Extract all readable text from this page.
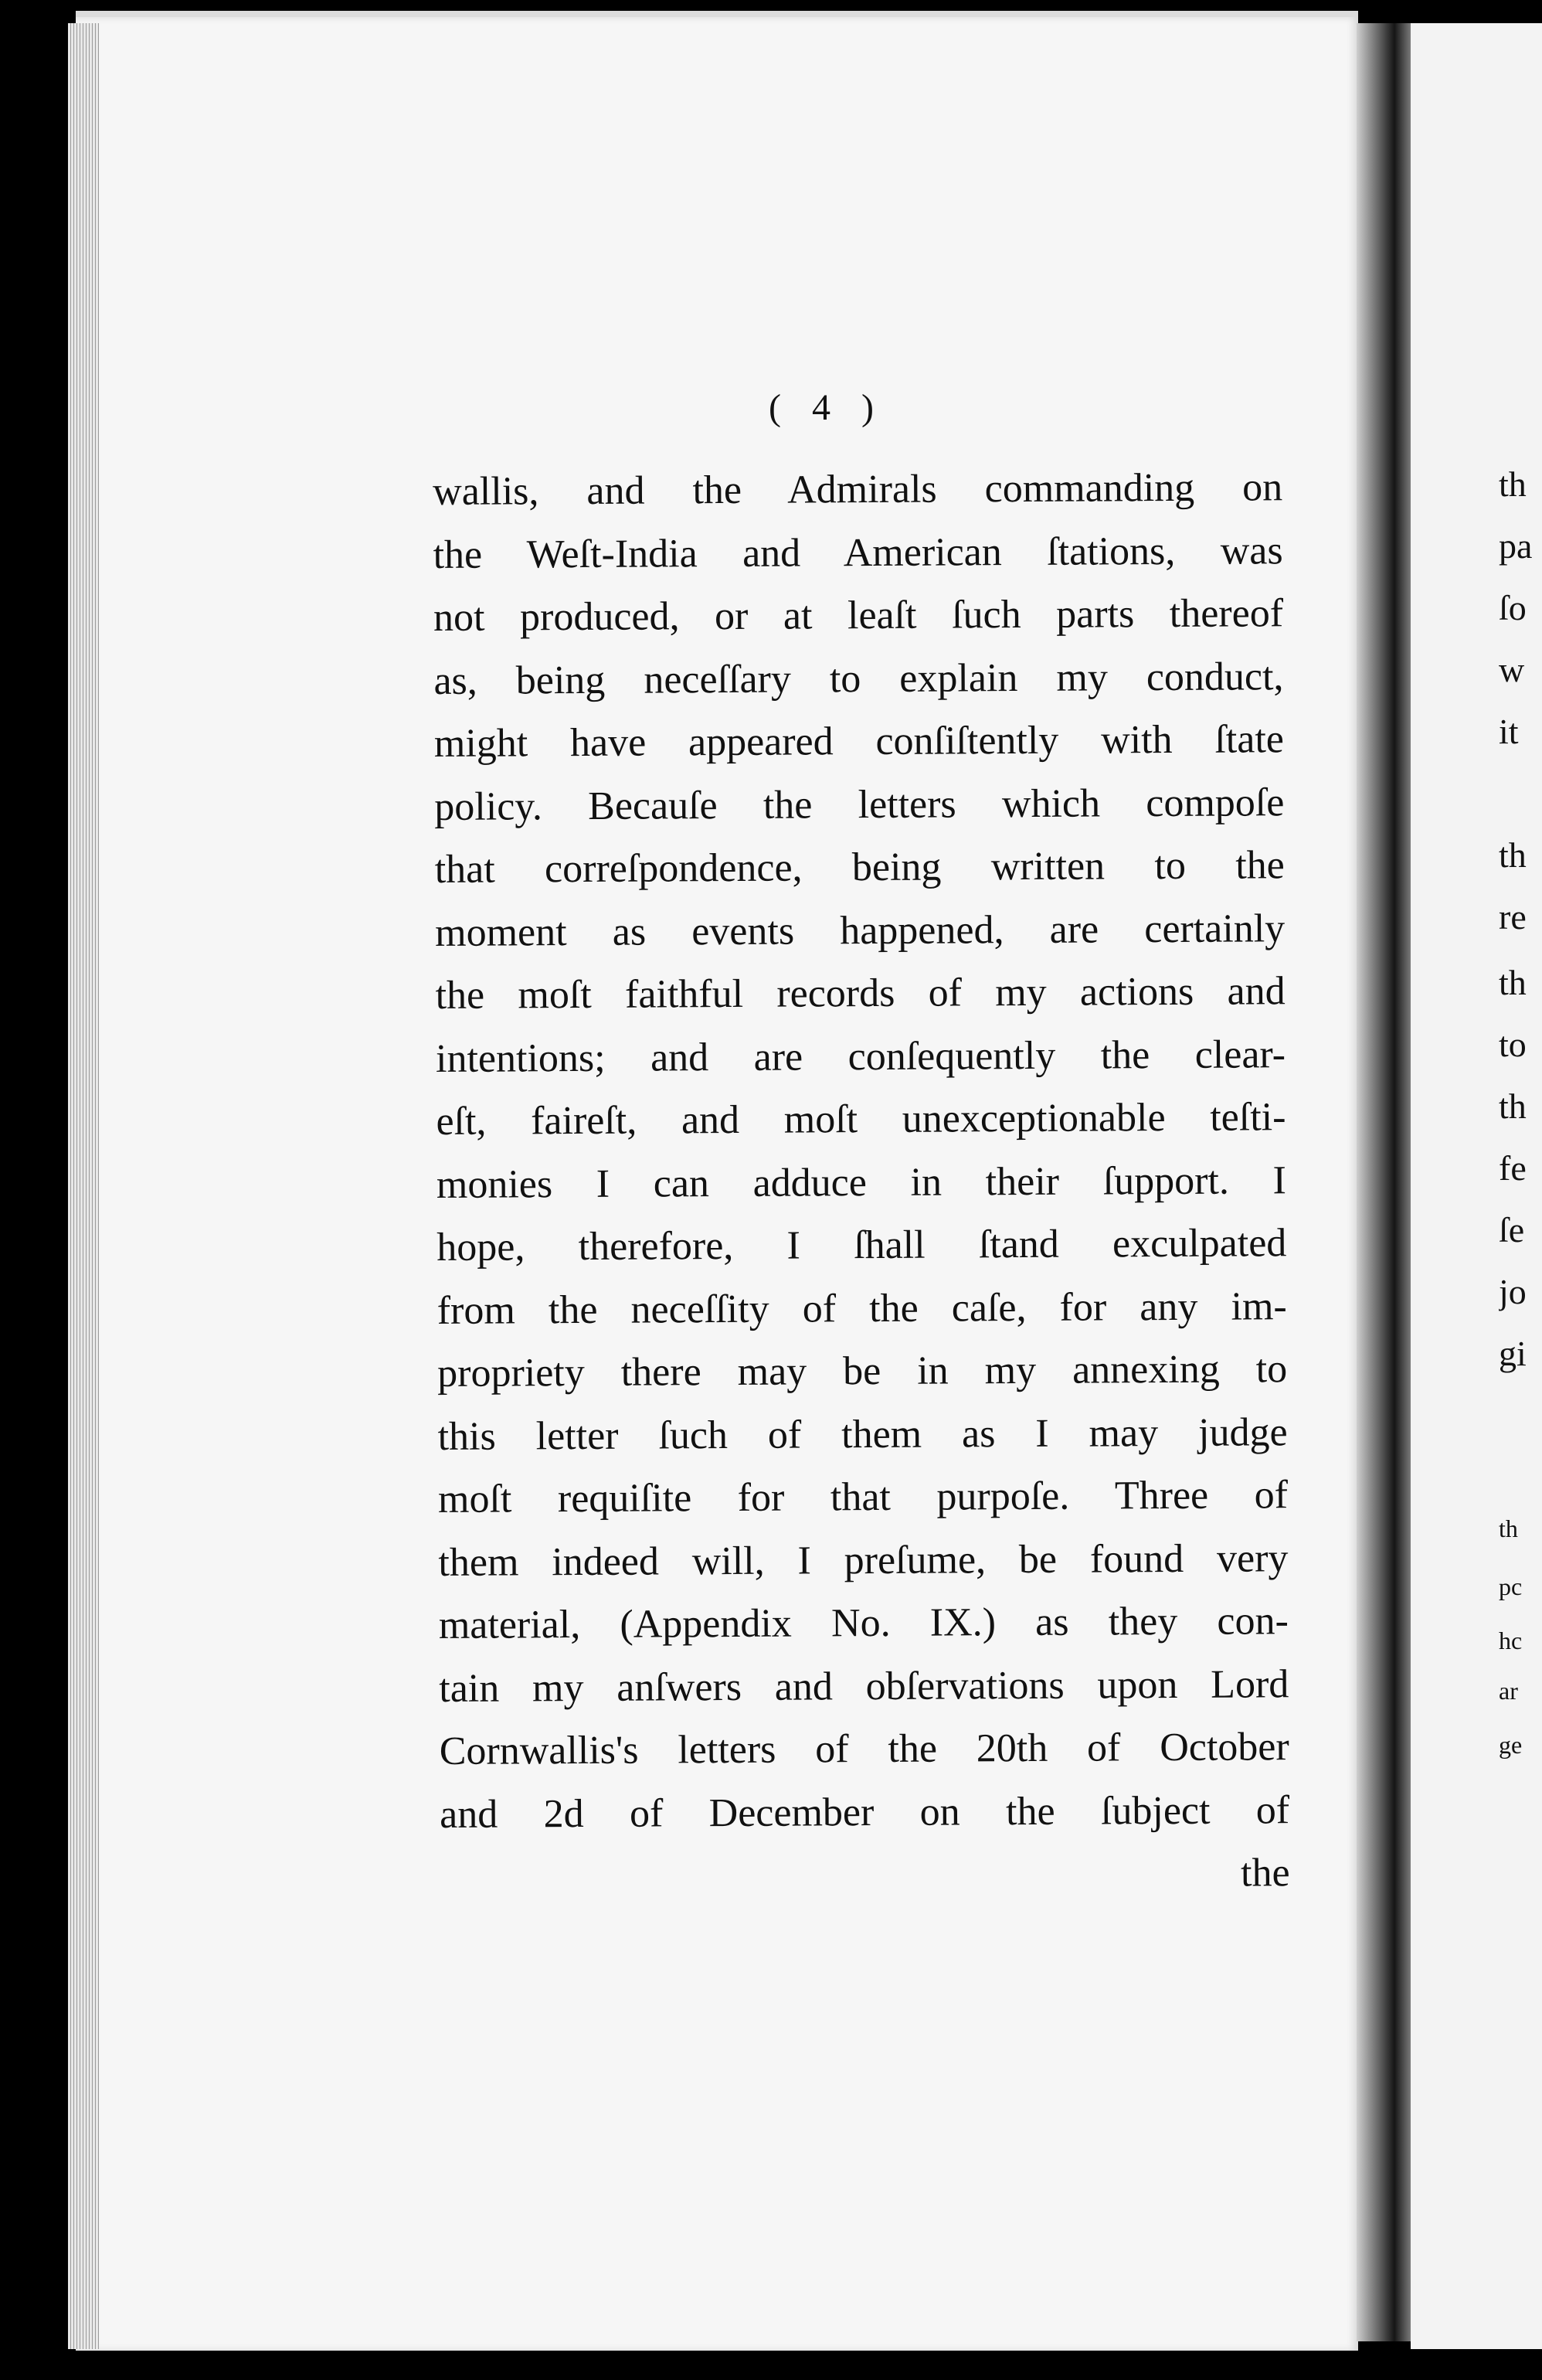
( 4 )
wallis, and the Admirals commanding on
the Weſt-India and American ſtations, was
not produced, or at leaſt ſuch parts thereof
as, being neceſſary to explain my conduct,
might have appeared conſiſtently with ſtate
policy. Becauſe the letters which compoſe
that correſpondence, being written to the
moment as events happened, are certainly
the moſt faithful records of my actions and
intentions; and are conſequently the clear-
eſt, faireſt, and moſt unexceptionable teſti-
monies I can adduce in their ſupport. I
hope, therefore, I ſhall ſtand exculpated
from the neceſſity of the caſe, for any im-
propriety there may be in my annexing to
this letter ſuch of them as I may judge
moſt requiſite for that purpoſe. Three of
them indeed will, I preſume, be found very
material, (Appendix No. IX.) as they con-
tain my anſwers and obſervations upon Lord
Cornwallis's letters of the 20th of October
and 2d of December on the ſubject of
the
th
pa
ſo
w
it
th
re
th
to
th
fe
ſe
jo
gi
th
pc
hc
ar
ge
